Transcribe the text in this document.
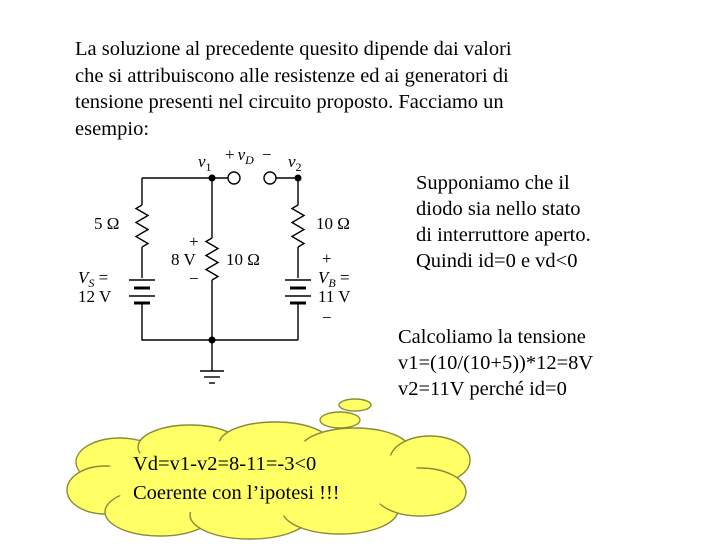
La soluzione al precedente quesito dipende dai valori
che si attribuiscono alle resistenze ed ai generatori di
tensione presenti nel circuito proposto. Facciamo un
esempio:

$v_1$
+ $v_D - v_2$
5 Ω	10 Ω
10 Ω
+
8 V
−
$V_S$ =
12 V
+
$V_B$ =
11 V
−
Supponiamo che il
diodo sia nello stato
di interruttore aperto.
Quindi id=0 e vd<0
Calcoliamo la tensione
v1=(10/(10+5))*12=8V
v2=11V perché id=0
Vd=v1-v2=8-11=-3<0
Coerente con l’ipotesi !!!
